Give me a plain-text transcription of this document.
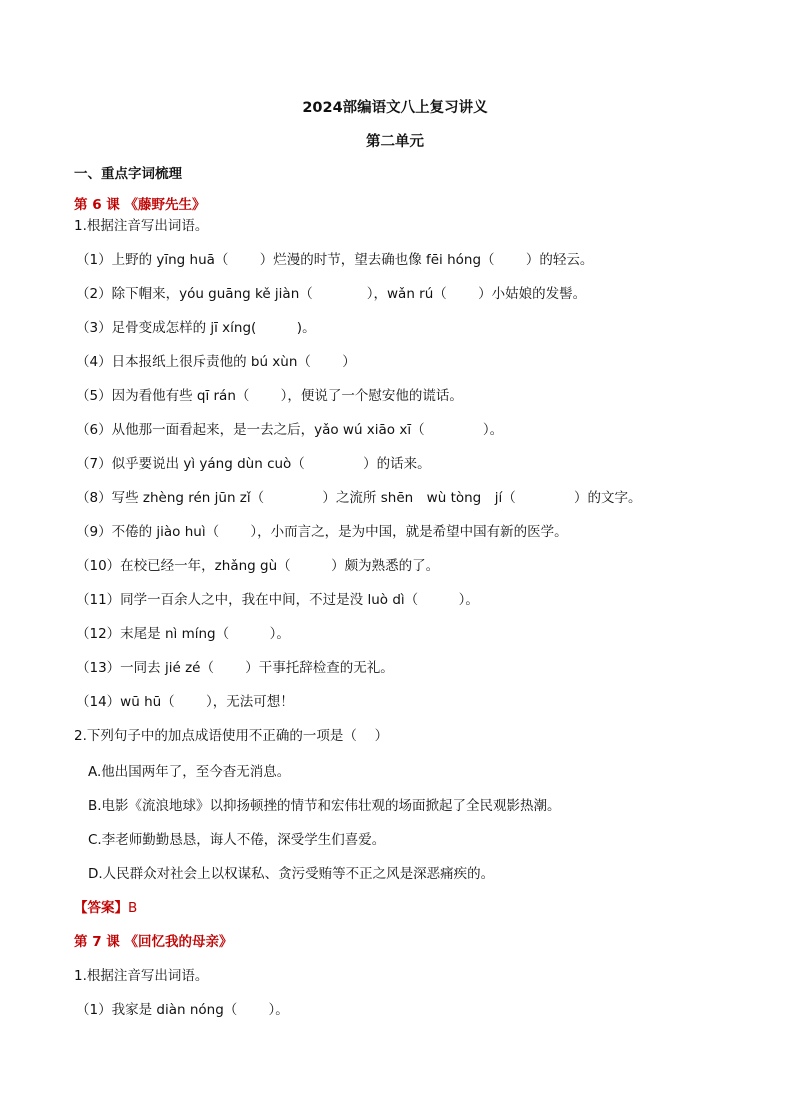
2024部编语文八上复习讲义
第二单元
一、重点字词梳理
第 6 课 《藤野先生》
1.根据注音写出词语。
（1）上野的 yīng huā（　　 ）烂漫的时节，望去确也像 fēi hóng（　　 ）的轻云。
（2）除下帽来，yóu guāng kě jiàn（　　　　），wǎn rú（　　 ）小姑娘的发髻。
（3）足骨变成怎样的 jī xíng(　　　)。
（4）日本报纸上很斥责他的 bú xùn（　　 ）
（5）因为看他有些 qī rán（　　 ），便说了一个慰安他的谎话。
（6）从他那一面看起来，是一去之后，yǎo wú xiāo xī（　　　　 ）。
（7）似乎要说出 yì yáng dùn cuò（　　　　 ）的话来。
（8）写些 zhèng rén jūn zǐ（　　　　 ）之流所 shēn　wù tòng　jí（　　　　 ）的文字。
（9）不倦的 jiào huì（　　 ），小而言之，是为中国，就是希望中国有新的医学。
（10）在校已经一年，zhǎng gù（　　　）颇为熟悉的了。
（11）同学一百余人之中，我在中间，不过是没 luò dì（　　　）。
（12）末尾是 nì míng（　　　）。
（13）一同去 jié zé（　　 ）干事托辞检查的无礼。
（14）wū hū（　　 ），无法可想！
2.下列句子中的加点成语使用不正确的一项是（　 ）
A.他出国两年了，至今杳无消息。
B.电影《流浪地球》以抑扬顿挫的情节和宏伟壮观的场面掀起了全民观影热潮。
C.李老师勤勤恳恳，诲人不倦，深受学生们喜爱。
D.人民群众对社会上以权谋私、贪污受贿等不正之风是深恶痛疾的。
【答案】B
第 7 课 《回忆我的母亲》
1.根据注音写出词语。
（1）我家是 diàn nóng（　　 ）。
